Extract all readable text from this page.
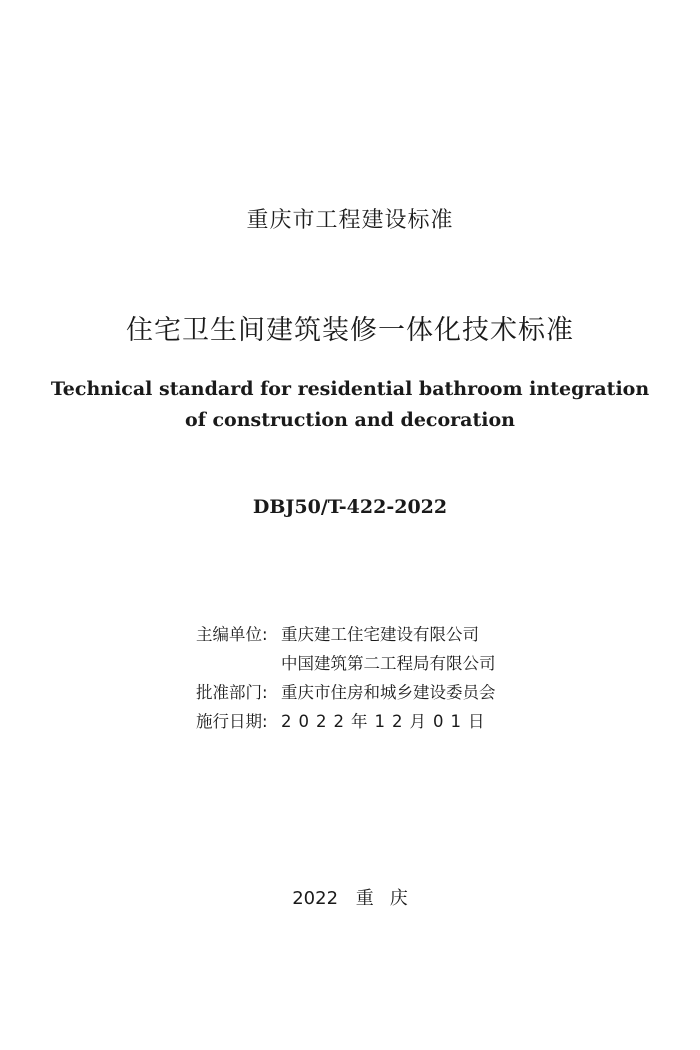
重庆市工程建设标准
住宅卫生间建筑装修一体化技术标准
Technical standard for residential bathroom integration
of construction and decoration
DBJ50/T-422-2022
主编单位: 重庆建工住宅建设有限公司
中国建筑第二工程局有限公司
批准部门: 重庆市住房和城乡建设委员会
施行日期: 2022年12月01日
2022 重庆
